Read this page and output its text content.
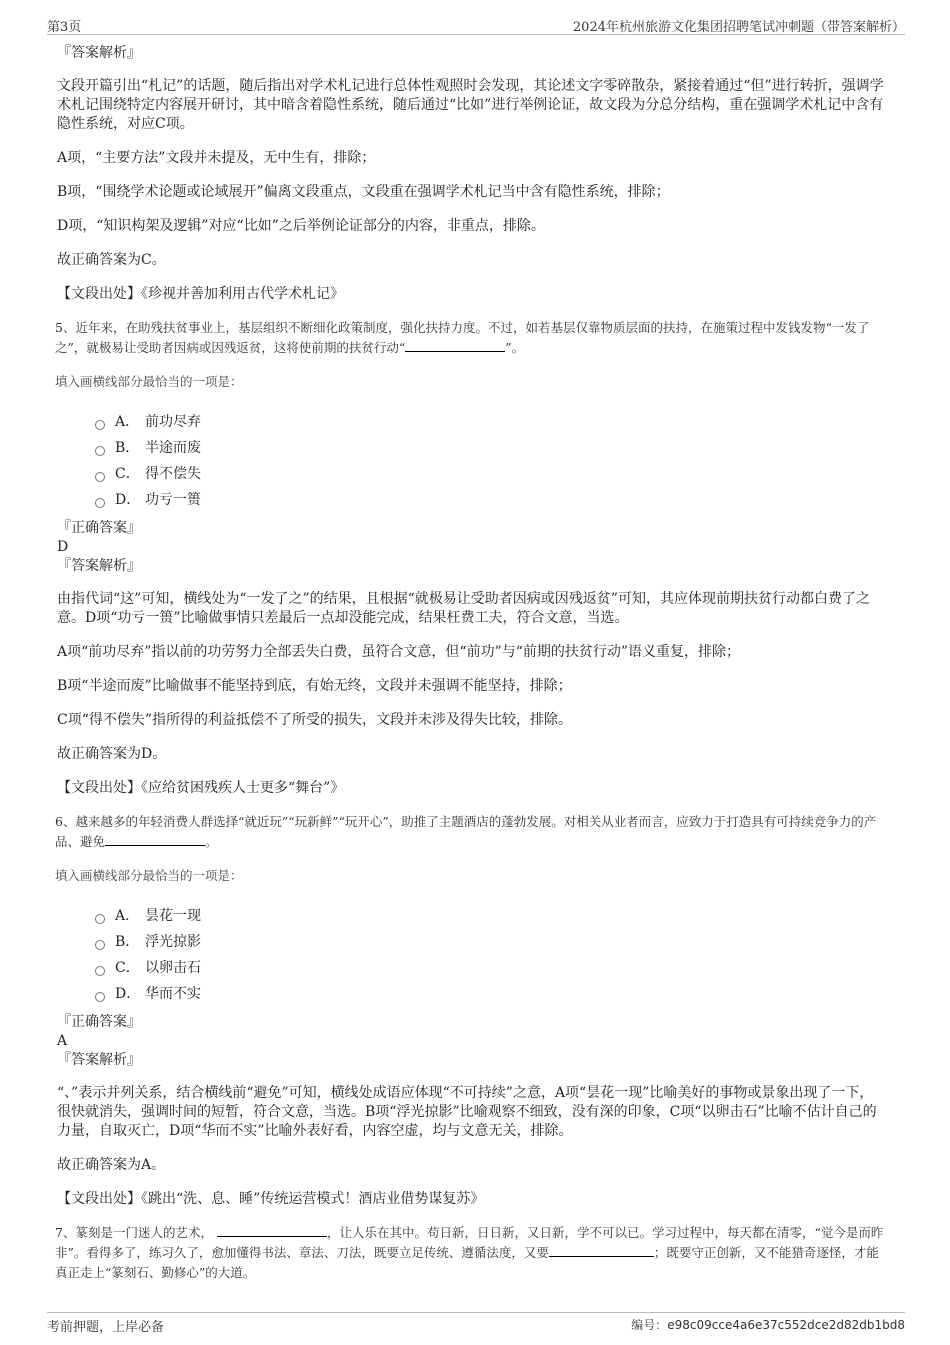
第3页	2024年杭州旅游文化集团招聘笔试冲刺题（带答案解析）

『答案解析』

文段开篇引出“札记”的话题，随后指出对学术札记进行总体性观照时会发现，其论述文字零碎散杂，紧接着通过“但”进行转折，强调学术札记围绕特定内容展开研讨，其中暗含着隐性系统，随后通过“比如”进行举例论证，故文段为分总分结构，重在强调学术札记中含有隐性系统，对应C项。

A项，“主要方法”文段并未提及，无中生有，排除；

B项，“围绕学术论题或论域展开”偏离文段重点，文段重在强调学术札记当中含有隐性系统，排除；

D项，“知识构架及逻辑”对应“比如”之后举例论证部分的内容，非重点，排除。

故正确答案为C。

【文段出处】《珍视并善加利用古代学术札记》

5、近年来，在助残扶贫事业上，基层组织不断细化政策制度，强化扶持力度。不过，如若基层仅靠物质层面的扶持，在施策过程中发钱发物“一发了之”，就极易让受助者因病或因残返贫，这将使前期的扶贫行动“	”。

填入画横线部分最恰当的一项是：

A． 前功尽弃
B． 半途而废
C． 得不偿失
D． 功亏一篑

『正确答案』

D

『答案解析』

由指代词“这”可知，横线处为“一发了之”的结果，且根据“就极易让受助者因病或因残返贫”可知，其应体现前期扶贫行动都白费了之意。D项“功亏一篑”比喻做事情只差最后一点却没能完成，结果枉费工夫，符合文意，当选。

A项“前功尽弃”指以前的功劳努力全部丢失白费，虽符合文意，但“前功”与“前期的扶贫行动”语义重复，排除；

B项“半途而废”比喻做事不能坚持到底，有始无终，文段并未强调不能坚持，排除；

C项“得不偿失”指所得的利益抵偿不了所受的损失，文段并未涉及得失比较，排除。

故正确答案为D。

【文段出处】《应给贫困残疾人士更多“舞台”》

6、越来越多的年轻消费人群选择“就近玩”“玩新鲜”“玩开心”，助推了主题酒店的蓬勃发展。对相关从业者而言，应致力于打造具有可持续竞争力的产品、避免	。

填入画横线部分最恰当的一项是：

A． 昙花一现
B． 浮光掠影
C． 以卵击石
D． 华而不实

『正确答案』

A

『答案解析』

“、”表示并列关系，结合横线前“避免”可知，横线处成语应体现“不可持续”之意，A项“昙花一现”比喻美好的事物或景象出现了一下，很快就消失，强调时间的短暂，符合文意，当选。B项“浮光掠影”比喻观察不细致，没有深的印象，C项“以卵击石”比喻不估计自己的力量，自取灭亡，D项“华而不实”比喻外表好看，内容空虚，均与文意无关，排除。

故正确答案为A。

【文段出处】《跳出“洗、息、睡”传统运营模式！酒店业借势谋复苏》

7、篆刻是一门迷人的艺术，	，让人乐在其中。苟日新，日日新，又日新，学不可以已。学习过程中，每天都在清零，“觉今是而昨非”。看得多了，练习久了，愈加懂得书法、章法、刀法，既要立足传统、遵循法度，又要	；既要守正创新，又不能猎奇逐怪，才能真正走上“篆刻石、勤修心”的大道。

考前押题，上岸必备	编号：e98c09cce4a6e37c552dce2d82db1bd8
